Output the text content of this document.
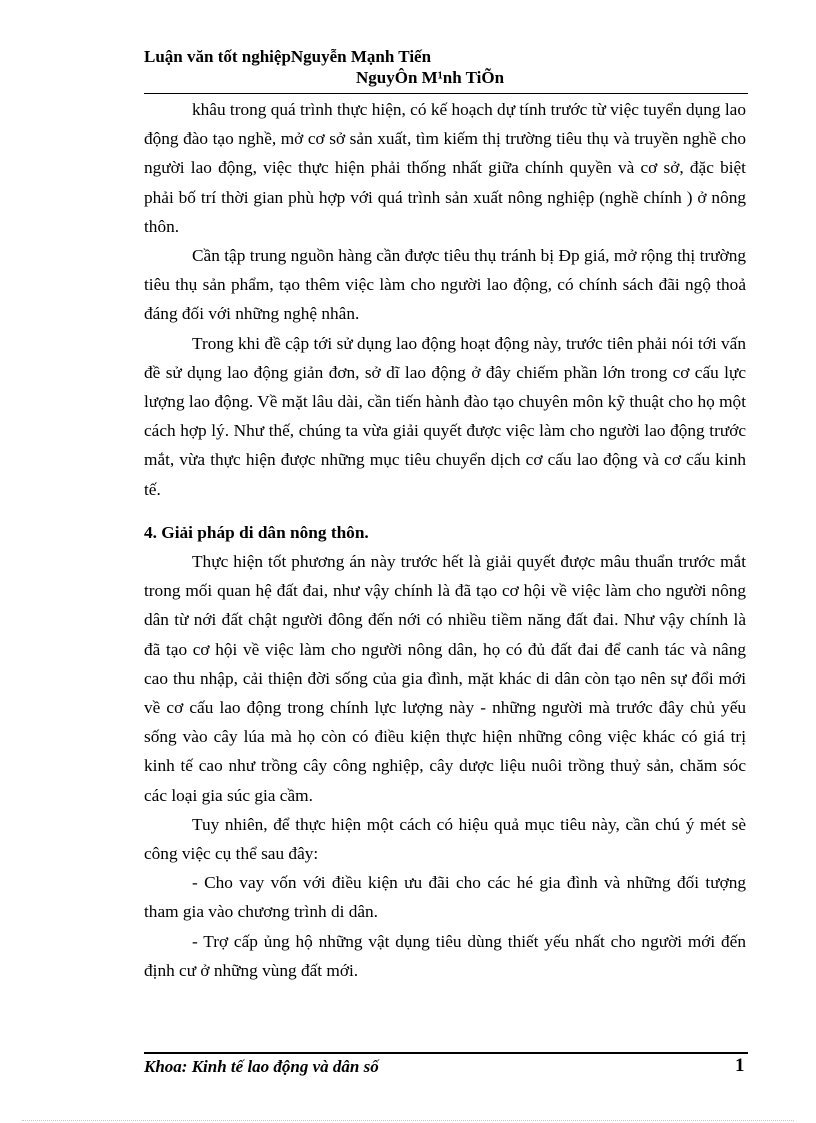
Luận văn tốt nghiệpNguyễn Mạnh Tiến
NguyÔn M¹nh TiÕn

khâu trong quá trình thực hiện, có kế hoạch dự tính trước từ việc tuyển dụng lao động đào tạo nghề, mở cơ sở sản xuất, tìm kiếm thị trường tiêu thụ và truyền nghề cho người lao động, việc thực hiện phải thống nhất giữa chính quyền và cơ sở, đặc biệt phải bố trí thời gian phù hợp với quá trình sản xuất nông nghiệp (nghề chính ) ở nông thôn.

Cần tập trung nguồn hàng cần được tiêu thụ tránh bị Đp giá, mở rộng thị trường tiêu thụ sản phẩm, tạo thêm việc làm cho người lao động, có chính sách đãi ngộ thoả đáng đối với những nghệ nhân.

Trong khi đề cập tới sử dụng lao động hoạt động này, trước tiên phải nói tới vấn đề sử dụng lao động giản đơn, sở dĩ lao động ở đây chiếm phần lớn trong cơ cấu lực lượng lao động. Về mặt lâu dài, cần tiến hành đào tạo chuyên môn kỹ thuật cho họ một cách hợp lý. Như thế, chúng ta vừa giải quyết được việc làm cho người lao động trước mắt, vừa thực hiện được những mục tiêu chuyển dịch cơ cấu lao động và cơ cấu kinh tế.

4. Giải pháp di dân nông thôn.

Thực hiện tốt phương án này trước hết là giải quyết được mâu thuẩn trước mắt trong mối quan hệ đất đai, như vậy chính là đã tạo cơ hội về việc làm cho người nông dân từ nới đất chật người đông đến nới có nhiều tiềm năng đất đai. Như vậy chính là đã tạo cơ hội về việc làm cho người nông dân, họ có đủ đất đai để canh tác và nâng cao thu nhập, cải thiện đời sống của gia đình, mặt khác di dân còn tạo nên sự đổi mới về cơ cấu lao động trong chính lực lượng này - những người mà trước đây chủ yếu sống vào cây lúa mà họ còn có điều kiện thực hiện những công việc khác có giá trị kinh tế cao như trồng cây công nghiệp, cây dược liệu nuôi trồng thuỷ sản, chăm sóc các loại gia súc gia cầm.

Tuy nhiên, để thực hiện một cách có hiệu quả mục tiêu này, cần chú ý mét sè công việc cụ thể sau đây:

- Cho vay vốn với điều kiện ưu đãi cho các hé gia đình và những đối tượng tham gia vào chương trình di dân.

- Trợ cấp ủng hộ những vật dụng tiêu dùng thiết yếu nhất cho người mới đến định cư ở những vùng đất mới.

Khoa: Kinh tế lao động và dân số	1
